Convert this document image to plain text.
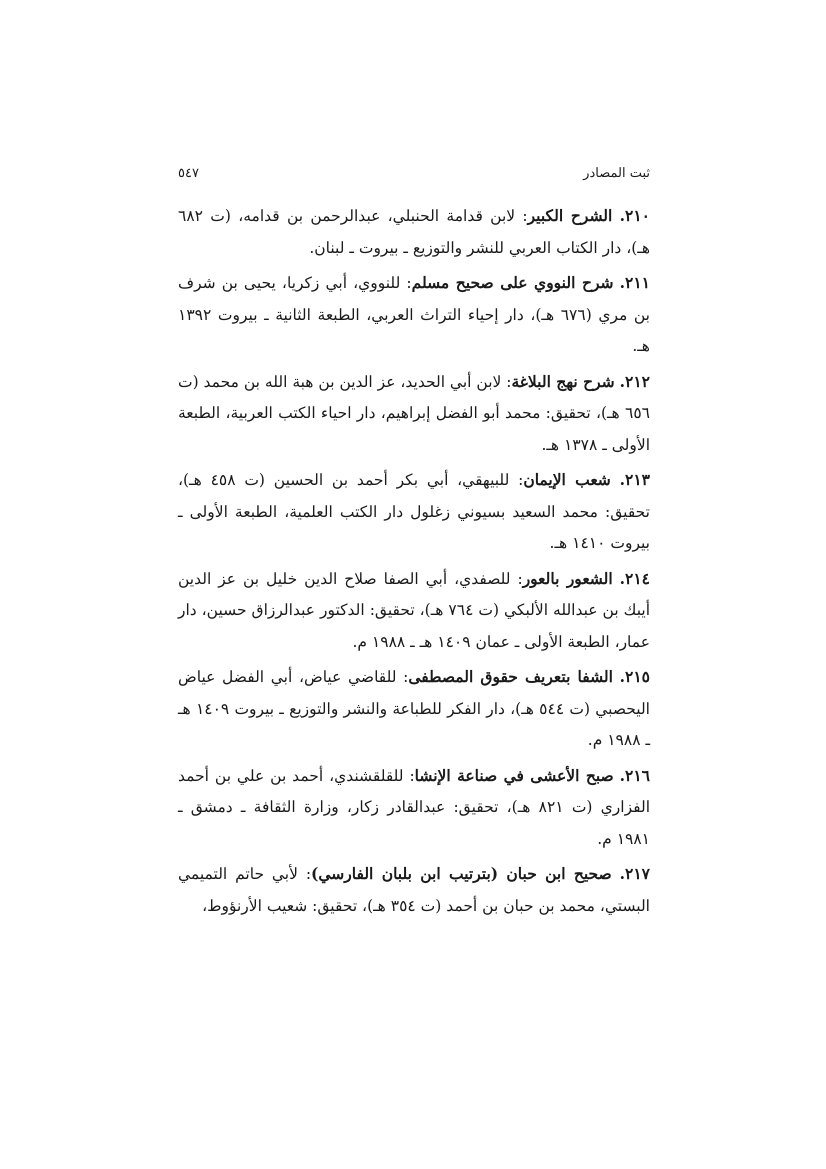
ثبت المصادر
٥٤٧

٢١٠. الشرح الكبير: لابن قدامة الحنبلي، عبدالرحمن بن قدامه، (ت ٦٨٢ هـ)، دار الكتاب العربي للنشر والتوزيع ـ بيروت ـ لبنان.

٢١١. شرح النووي على صحيح مسلم: للنووي، أبي زكريا، يحيى بن شرف بن مري (٦٧٦ هـ)، دار إحياء التراث العربي، الطبعة الثانية ـ بيروت ١٣٩٢ هـ.

٢١٢. شرح نهج البلاغة: لابن أبي الحديد، عز الدين بن هبة الله بن محمد (ت ٦٥٦ هـ)، تحقيق: محمد أبو الفضل إبراهيم، دار احياء الكتب العربية، الطبعة الأولى ـ ١٣٧٨ هـ.

٢١٣. شعب الإيمان: للبيهقي، أبي بكر أحمد بن الحسين (ت ٤٥٨ هـ)، تحقيق: محمد السعيد بسيوني زغلول دار الكتب العلمية، الطبعة الأولى ـ بيروت ١٤١٠ هـ.

٢١٤. الشعور بالعور: للصفدي، أبي الصفا صلاح الدين خليل بن عز الدين أيبك بن عبدالله الألبكي (ت ٧٦٤ هـ)، تحقيق: الدكتور عبدالرزاق حسين، دار عمار، الطبعة الأولى ـ عمان ١٤٠٩ هـ ـ ١٩٨٨ م.

٢١٥. الشفا بتعريف حقوق المصطفى: للقاضي عياض، أبي الفضل عياض اليحصبي (ت ٥٤٤ هـ)، دار الفكر للطباعة والنشر والتوزيع ـ بيروت ١٤٠٩ هـ ـ ١٩٨٨ م.

٢١٦. صبح الأعشى في صناعة الإنشا: للقلقشندي، أحمد بن علي بن أحمد الفزاري (ت ٨٢١ هـ)، تحقيق: عبدالقادر زكار، وزارة الثقافة ـ دمشق ـ ١٩٨١ م.

٢١٧. صحيح ابن حبان (بترتيب ابن بلبان الفارسي): لأبي حاتم التميمي البستي، محمد بن حبان بن أحمد (ت ٣٥٤ هـ)، تحقيق: شعيب الأرنؤوط،
